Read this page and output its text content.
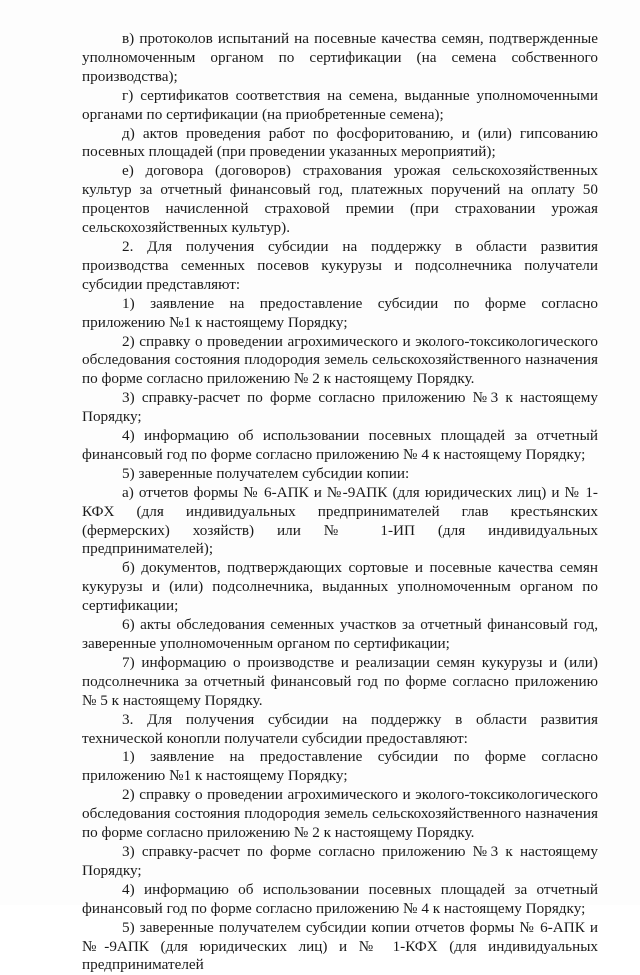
в) протоколов испытаний на посевные качества семян, подтвержденные уполномоченным органом по сертификации (на семена собственного производства);

г) сертификатов соответствия на семена, выданные уполномоченными органами по сертификации (на приобретенные семена);

д) актов проведения работ по фосфоритованию, и (или) гипсованию посевных площадей (при проведении указанных мероприятий);

е) договора (договоров) страхования урожая сельскохозяйственных культур за отчетный финансовый год, платежных поручений на оплату 50 процентов начисленной страховой премии (при страховании урожая сельскохозяйственных культур).

2. Для получения субсидии на поддержку в области развития производства семенных посевов кукурузы и подсолнечника получатели субсидии представляют:

1) заявление на предоставление субсидии по форме согласно приложению №1 к настоящему Порядку;

2) справку о проведении агрохимического и эколого-токсикологического обследования состояния плодородия земель сельскохозяйственного назначения по форме согласно приложению № 2 к настоящему Порядку.

3) справку-расчет по форме согласно приложению №3 к настоящему Порядку;

4) информацию об использовании посевных площадей за отчетный финансовый год по форме согласно приложению № 4 к настоящему Порядку;

5) заверенные получателем субсидии копии:

а) отчетов формы № 6-АПК и №-9АПК (для юридических лиц) и № 1-КФХ (для индивидуальных предпринимателей глав крестьянских (фермерских) хозяйств) или № 1-ИП (для индивидуальных предпринимателей);

б) документов, подтверждающих сортовые и посевные качества семян кукурузы и (или) подсолнечника, выданных уполномоченным органом по сертификации;

6) акты обследования семенных участков за отчетный финансовый год, заверенные уполномоченным органом по сертификации;

7) информацию о производстве и реализации семян кукурузы и (или) подсолнечника за отчетный финансовый год по форме согласно приложению № 5 к настоящему Порядку.

3. Для получения субсидии на поддержку в области развития технической конопли получатели субсидии предоставляют:

1) заявление на предоставление субсидии по форме согласно приложению №1 к настоящему Порядку;

2) справку о проведении агрохимического и эколого-токсикологического обследования состояния плодородия земель сельскохозяйственного назначения по форме согласно приложению № 2 к настоящему Порядку.

3) справку-расчет по форме согласно приложению №3 к настоящему Порядку;

4) информацию об использовании посевных площадей за отчетный финансовый год по форме согласно приложению № 4 к настоящему Порядку;

5) заверенные получателем субсидии копии отчетов формы № 6-АПК и №-9АПК (для юридических лиц) и № 1-КФХ (для индивидуальных предпринимателей
